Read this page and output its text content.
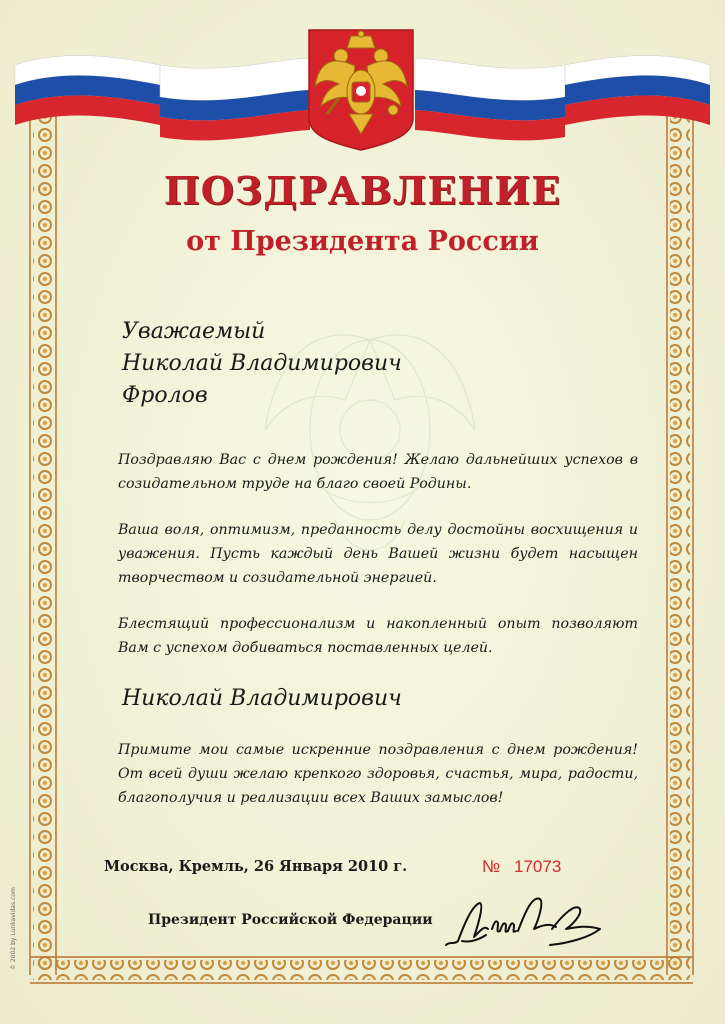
ПОЗДРАВЛЕНИЕ
от Президента России
Уважаемый
Николай Владимирович
Фролов

Поздравляю Вас с днем рождения! Желаю дальнейших успехов в созидательном труде на благо своей Родины.

Ваша воля, оптимизм, преданность делу достойны восхищения и уважения. Пусть каждый день Вашей жизни будет насыщен творчеством и созидательной энергией.

Блестящий профессионализм и накопленный опыт позволяют Вам с успехом добиваться поставленных целей.

Николай Владимирович

Примите мои самые искренние поздравления с днем рождения! От всей души желаю крепкого здоровья, счастья, мира, радости, благополучия и реализации всех Ваших замыслов!

Москва, Кремль, 26 Января 2010 г.	№ 17073
Президент Российской Федерации
© 2002 by Lunkavidas.com
